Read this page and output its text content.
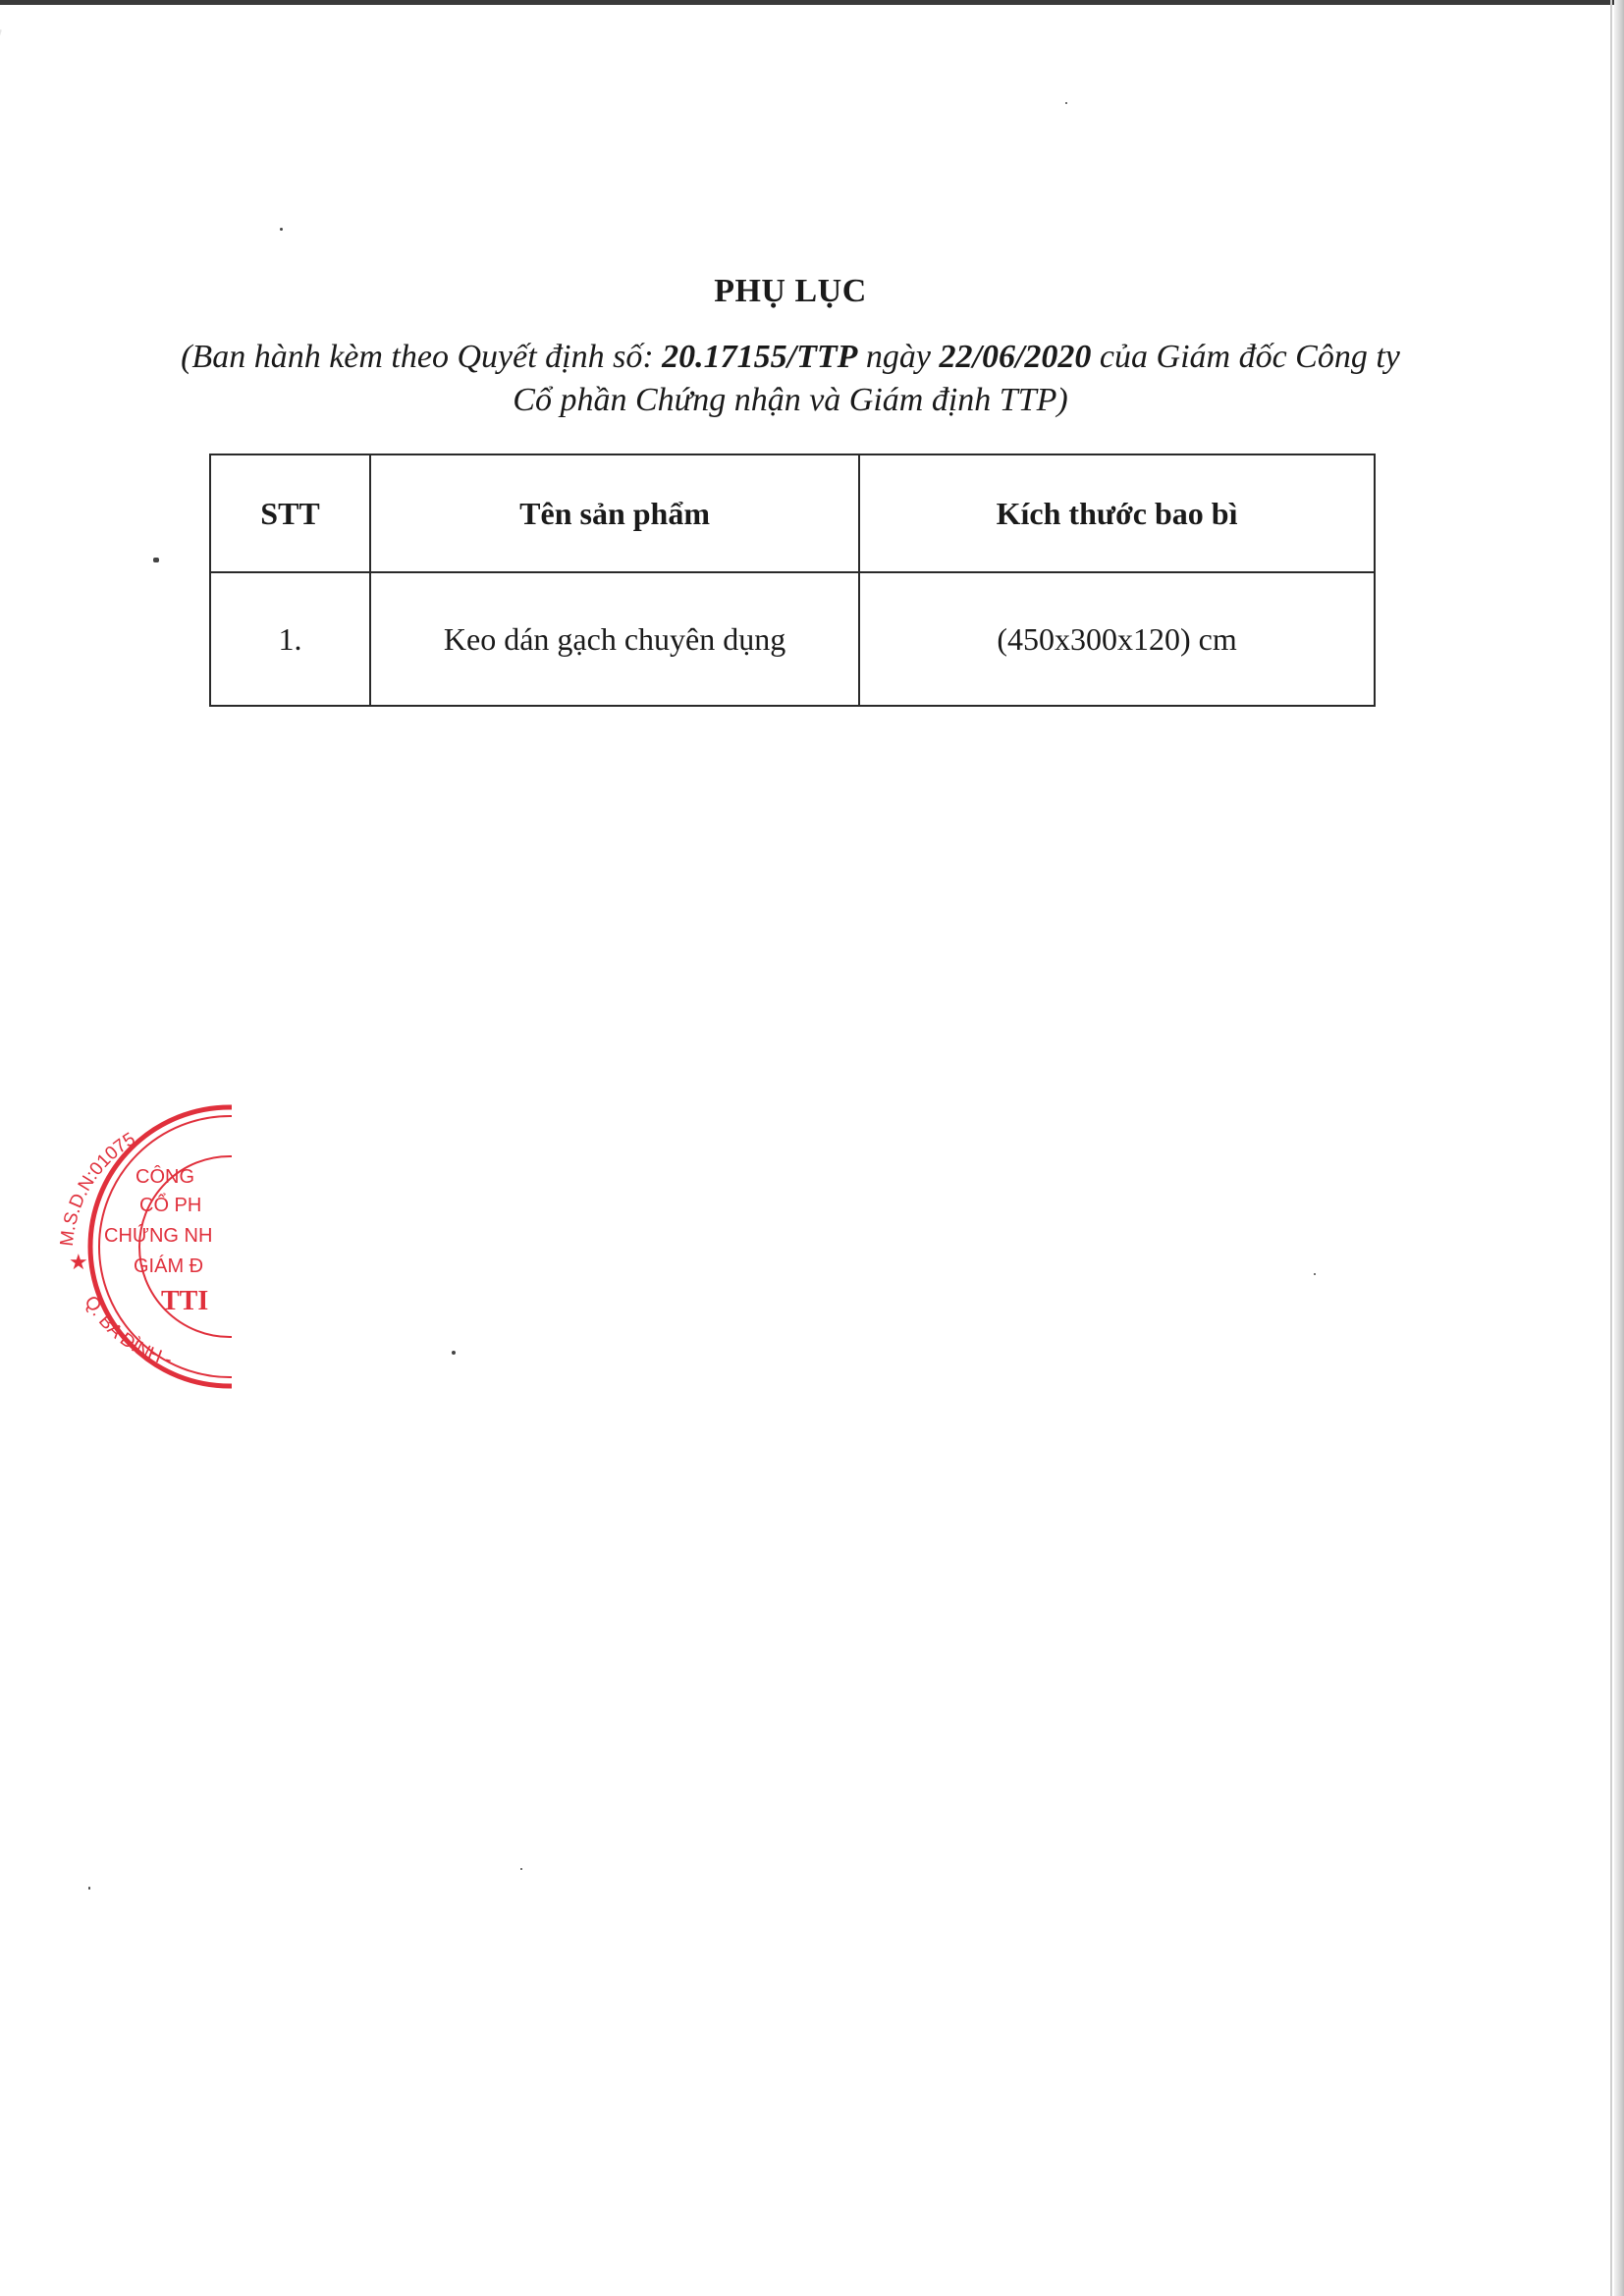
PHỤ LỤC
(Ban hành kèm theo Quyết định số: 20.17155/TTP ngày 22/06/2020 của Giám đốc Công ty
Cổ phần Chứng nhận và Giám định TTP)
STT	Tên sản phẩm	Kích thước bao bì
1.	Keo dán gạch chuyên dụng	(450x300x120) cm
M.S.D.N:01075
Q. BA ĐÌNH -
★
CÔNG
CỔ PH
CHỨNG NH
GIÁM Đ
TTI
